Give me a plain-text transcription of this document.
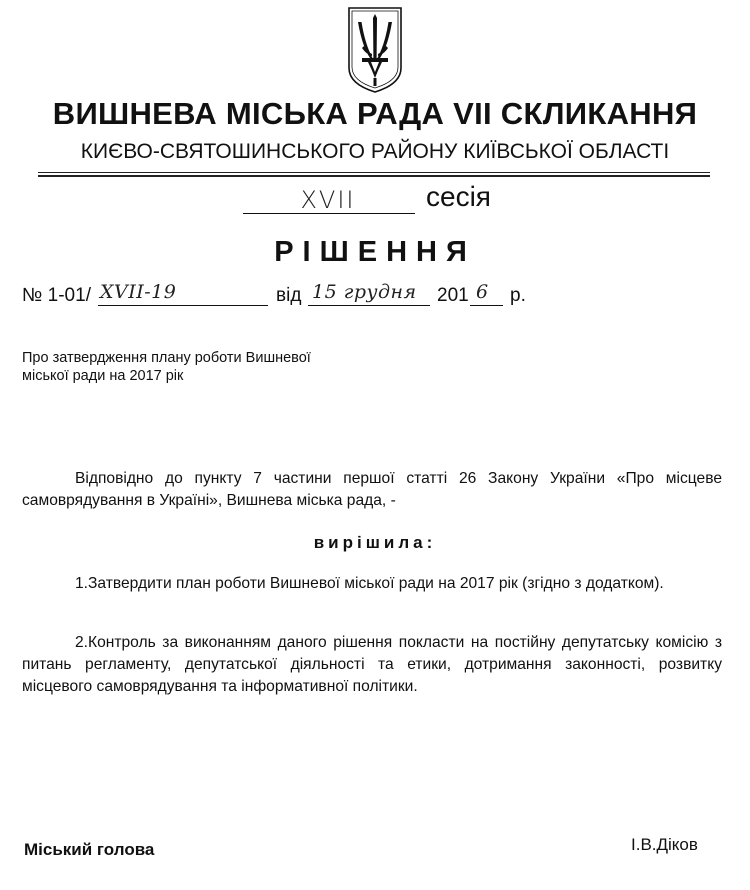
ВИШНЕВА МІСЬКА РАДА VII СКЛИКАННЯ
КИЄВО-СВЯТОШИНСЬКОГО РАЙОНУ КИЇВСЬКОЇ ОБЛАСТІ
XVII	сесія
РІШЕННЯ
№ 1-01/ XVII-19	від 15 грудня 201 6 р.
Про затвердження плану роботи Вишневої
міської ради на 2017 рік
Відповідно до пункту 7 частини першої статті 26 Закону України «Про місцеве самоврядування в Україні», Вишнева міська рада, -
вирішила:
1.Затвердити план роботи Вишневої міської ради на 2017 рік (згідно з додатком).
2.Контроль за виконанням даного рішення покласти на постійну депутатську комісію з питань регламенту, депутатської діяльності та етики, дотримання законності, розвитку місцевого самоврядування та інформативної політики.
Міський голова	І.В.Діков
